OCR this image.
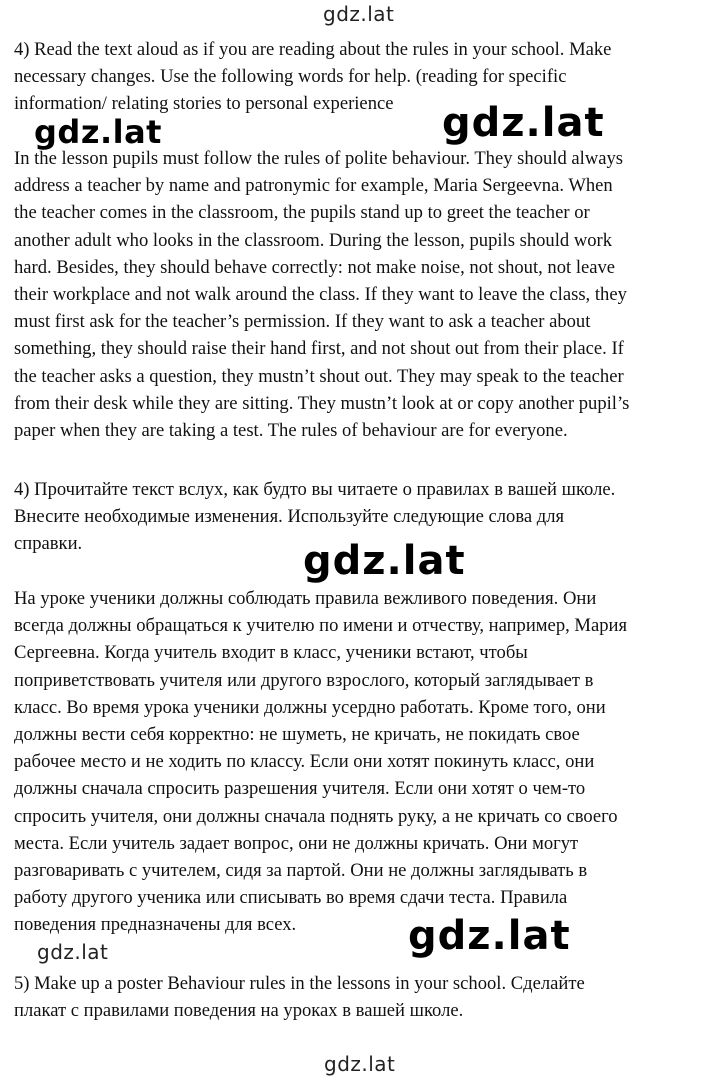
gdz.lat
gdz.lat	gdz.lat
gdz.lat
gdz.lat
gdz.lat
gdz.lat
4) Read the text aloud as if you are reading about the rules in your school. Make
necessary changes. Use the following words for help. (reading for specific
information/ relating stories to personal experience
In the lesson pupils must follow the rules of polite behaviour. They should always
address a teacher by name and patronymic for example, Maria Sergeevna. When
the teacher comes in the classroom, the pupils stand up to greet the teacher or
another adult who looks in the classroom. During the lesson, pupils should work
hard. Besides, they should behave correctly: not make noise, not shout, not leave
their workplace and not walk around the class. If they want to leave the class, they
must first ask for the teacher’s permission. If they want to ask a teacher about
something, they should raise their hand first, and not shout out from their place. If
the teacher asks a question, they mustn’t shout out. They may speak to the teacher
from their desk while they are sitting. They mustn’t look at or copy another pupil’s
paper when they are taking a test. The rules of behaviour are for everyone.
4) Прочитайте текст вслух, как будто вы читаете о правилах в вашей школе.
Внесите необходимые изменения. Используйте следующие слова для
справки.
На уроке ученики должны соблюдать правила вежливого поведения. Они
всегда должны обращаться к учителю по имени и отчеству, например, Мария
Сергеевна. Когда учитель входит в класс, ученики встают, чтобы
поприветствовать учителя или другого взрослого, который заглядывает в
класс. Во время урока ученики должны усердно работать. Кроме того, они
должны вести себя корректно: не шуметь, не кричать, не покидать свое
рабочее место и не ходить по классу. Если они хотят покинуть класс, они
должны сначала спросить разрешения учителя. Если они хотят о чем-то
спросить учителя, они должны сначала поднять руку, а не кричать со своего
места. Если учитель задает вопрос, они не должны кричать. Они могут
разговаривать с учителем, сидя за партой. Они не должны заглядывать в
работу другого ученика или списывать во время сдачи теста. Правила
поведения предназначены для всех.
5) Make up a poster Behaviour rules in the lessons in your school. Сделайте
плакат с правилами поведения на уроках в вашей школе.
